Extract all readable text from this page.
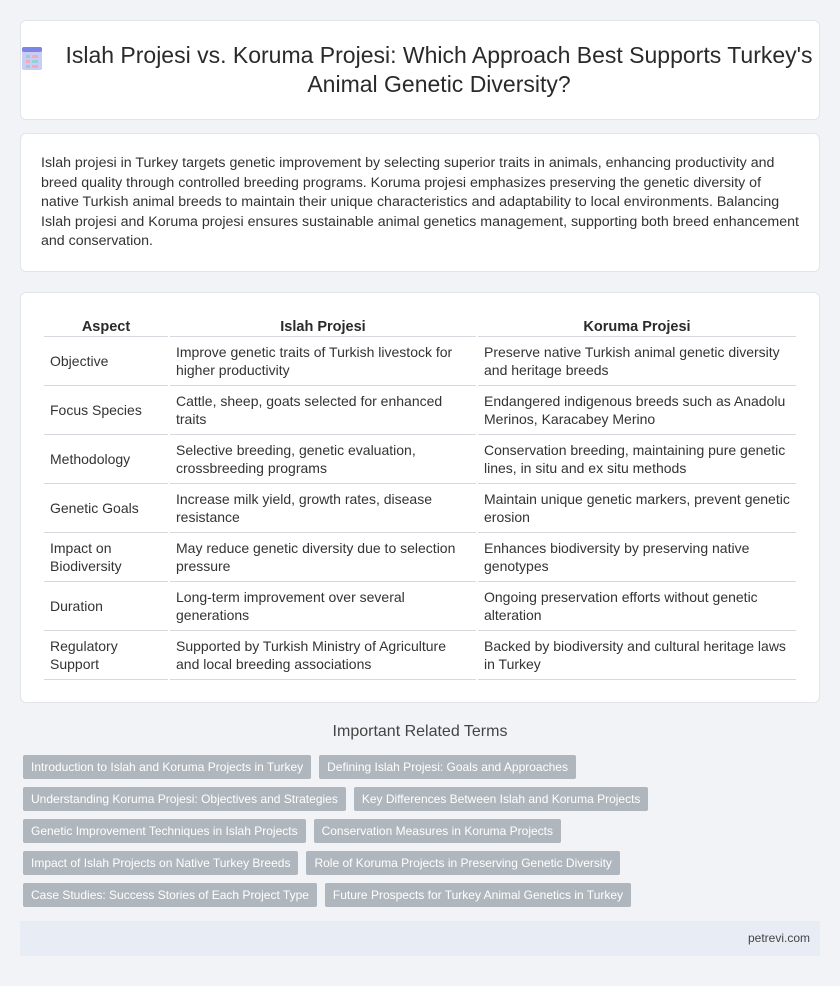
Islah Projesi vs. Koruma Projesi: Which Approach Best Supports Turkey's Animal Genetic Diversity?

Islah projesi in Turkey targets genetic improvement by selecting superior traits in animals, enhancing productivity and breed quality through controlled breeding programs. Koruma projesi emphasizes preserving the genetic diversity of native Turkish animal breeds to maintain their unique characteristics and adaptability to local environments. Balancing Islah projesi and Koruma projesi ensures sustainable animal genetics management, supporting both breed enhancement and conservation.

Aspect	Islah Projesi	Koruma Projesi
Objective	Improve genetic traits of Turkish livestock for higher productivity	Preserve native Turkish animal genetic diversity and heritage breeds
Focus Species	Cattle, sheep, goats selected for enhanced traits	Endangered indigenous breeds such as Anadolu Merinos, Karacabey Merino
Methodology	Selective breeding, genetic evaluation, crossbreeding programs	Conservation breeding, maintaining pure genetic lines, in situ and ex situ methods
Genetic Goals	Increase milk yield, growth rates, disease resistance	Maintain unique genetic markers, prevent genetic erosion
Impact on Biodiversity	May reduce genetic diversity due to selection pressure	Enhances biodiversity by preserving native genotypes
Duration	Long-term improvement over several generations	Ongoing preservation efforts without genetic alteration
Regulatory Support	Supported by Turkish Ministry of Agriculture and local breeding associations	Backed by biodiversity and cultural heritage laws in Turkey
Important Related Terms
Introduction to Islah and Koruma Projects in Turkey	Defining Islah Projesi: Goals and Approaches
Understanding Koruma Projesi: Objectives and Strategies	Key Differences Between Islah and Koruma Projects
Genetic Improvement Techniques in Islah Projects	Conservation Measures in Koruma Projects
Impact of Islah Projects on Native Turkey Breeds	Role of Koruma Projects in Preserving Genetic Diversity
Case Studies: Success Stories of Each Project Type	Future Prospects for Turkey Animal Genetics in Turkey
petrevi.com
